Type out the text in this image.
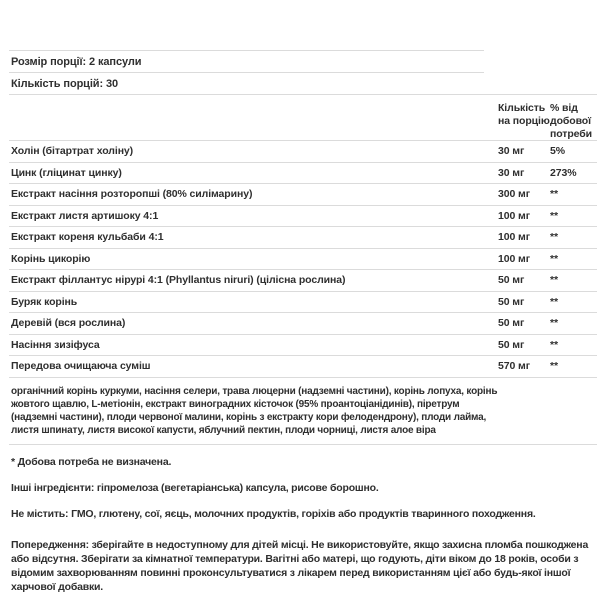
Розмір порції: 2 капсули
Кількість порцій: 30
Кількість на порцію
% від добової потреби
Холін (бітартрат холіну)	30 мг	5%
Цинк (гліцинат цинку)	30 мг	273%
Екстракт насіння розторопші (80% силімарину)	300 мг	**
Екстракт листя артишоку 4:1	100 мг	**
Екстракт кореня кульбаби 4:1	100 мг	**
Корінь цикорію	100 мг	**
Екстракт філлантус нірурі 4:1 (Phyllantus niruri) (цілісна рослина)	50 мг	**
Буряк корінь	50 мг	**
Деревій (вся рослина)	50 мг	**
Насіння зизіфуса	50 мг	**
Передова очищаюча суміш	570 мг	**

органічний корінь куркуми, насіння селери, трава люцерни (надземні частини), корінь лопуха, корінь жовтого щавлю, L-метіонін, екстракт виноградних кісточок (95% проантоціанідинів), піретрум (надземні частини), плоди червоної малини, корінь з екстракту кори фелодендрону), плоди лайма, листя шпинату, листя високої капусти, яблучний пектин, плоди чорниці, листя алое віра

* Добова потреба не визначена.

Інші інгредієнти: гіпромелоза (вегетаріанська) капсула, рисове борошно.

Не містить: ГМО, глютену, сої, яєць, молочних продуктів, горіхів або продуктів тваринного походження.

Попередження: зберігайте в недоступному для дітей місці. Не використовуйте, якщо захисна пломба пошкоджена або відсутня. Зберігати за кімнатної температури. Вагітні або матері, що годують, діти віком до 18 років, особи з відомим захворюванням повинні проконсультуватися з лікарем перед використанням цієї або будь-якої іншої харчової добавки.
